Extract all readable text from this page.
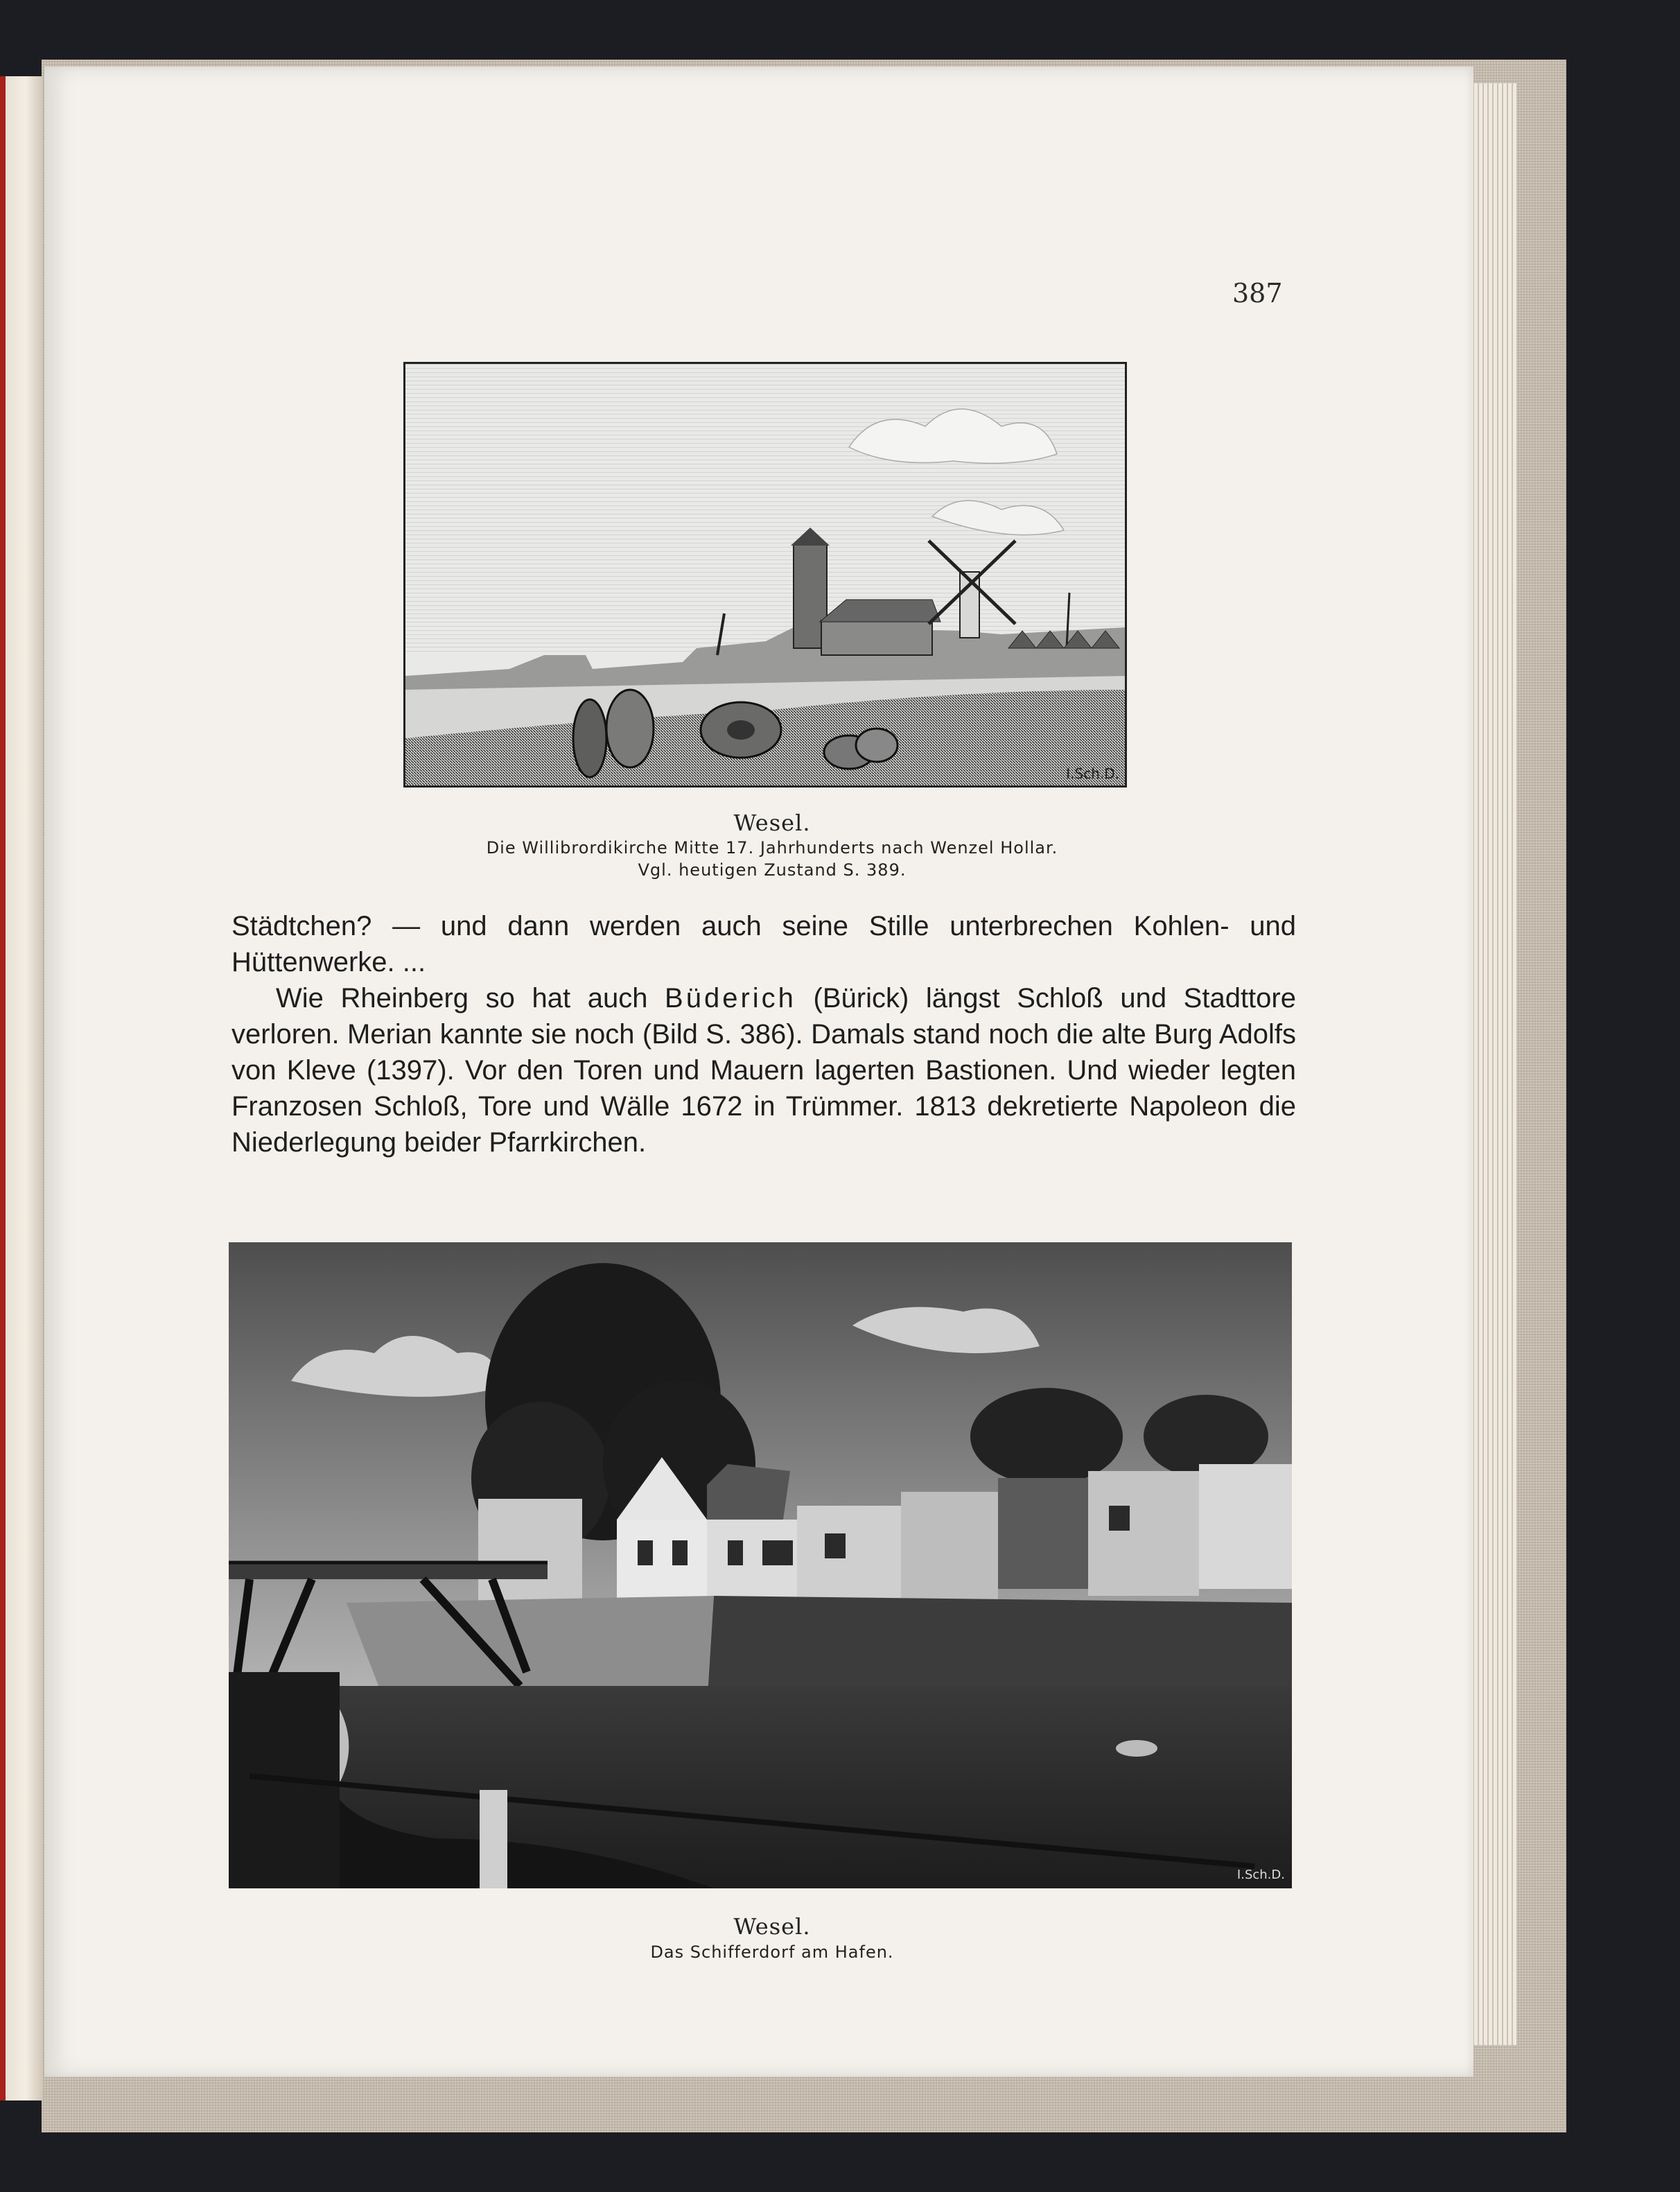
387
I.Sch.D.
Wesel.
Die Willibrordikirche Mitte 17. Jahrhunderts nach Wenzel Hollar.
Vgl. heutigen Zustand S. 389.

Städtchen? — und dann werden auch seine Stille unterbrechen Kohlen- und Hüttenwerke. ...

Wie Rheinberg so hat auch Büderich (Bürick) längst Schloß und Stadttore verloren. Merian kannte sie noch (Bild S. 386). Damals stand noch die alte Burg Adolfs von Kleve (1397). Vor den Toren und Mauern lagerten Bastionen. Und wieder legten Franzosen Schloß, Tore und Wälle 1672 in Trümmer. 1813 dekretierte Napoleon die Niederlegung beider Pfarrkirchen.

I.Sch.D.
Wesel.
Das Schifferdorf am Hafen.
